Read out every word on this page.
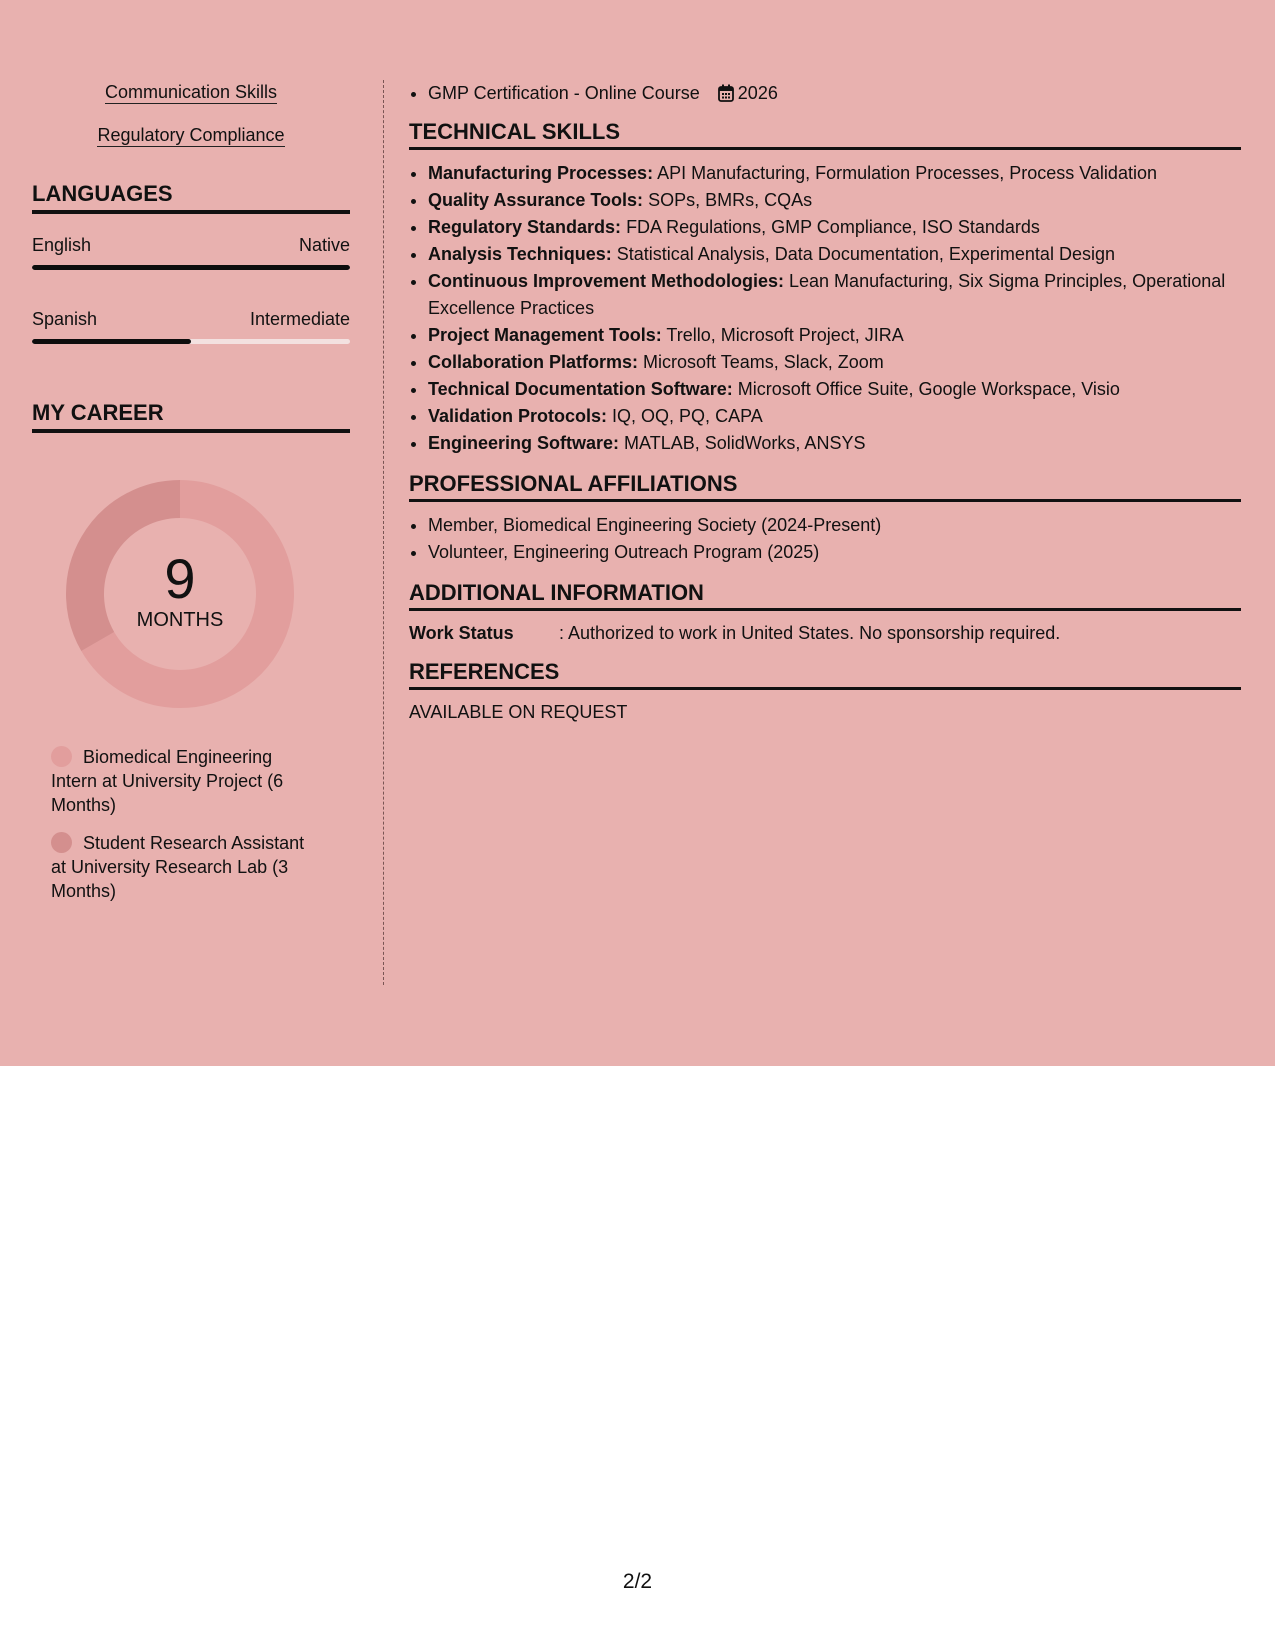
Communication Skills
Regulatory Compliance
LANGUAGES
English	Native
Spanish	Intermediate
MY CAREER
9
MONTHS
Biomedical Engineering Intern at University Project (6 Months)
Student Research Assistant at University Research Lab (3 Months)
• GMP Certification - Online Course 2026
TECHNICAL SKILLS
• Manufacturing Processes: API Manufacturing, Formulation Processes, Process Validation
• Quality Assurance Tools: SOPs, BMRs, CQAs
• Regulatory Standards: FDA Regulations, GMP Compliance, ISO Standards
• Analysis Techniques: Statistical Analysis, Data Documentation, Experimental Design
• Continuous Improvement Methodologies: Lean Manufacturing, Six Sigma Principles, Operational Excellence Practices
• Project Management Tools: Trello, Microsoft Project, JIRA
• Collaboration Platforms: Microsoft Teams, Slack, Zoom
• Technical Documentation Software: Microsoft Office Suite, Google Workspace, Visio
• Validation Protocols: IQ, OQ, PQ, CAPA
• Engineering Software: MATLAB, SolidWorks, ANSYS
PROFESSIONAL AFFILIATIONS
• Member, Biomedical Engineering Society (2024-Present)
• Volunteer, Engineering Outreach Program (2025)
ADDITIONAL INFORMATION
Work Status	: Authorized to work in United States. No sponsorship required.
REFERENCES
AVAILABLE ON REQUEST
2/2
